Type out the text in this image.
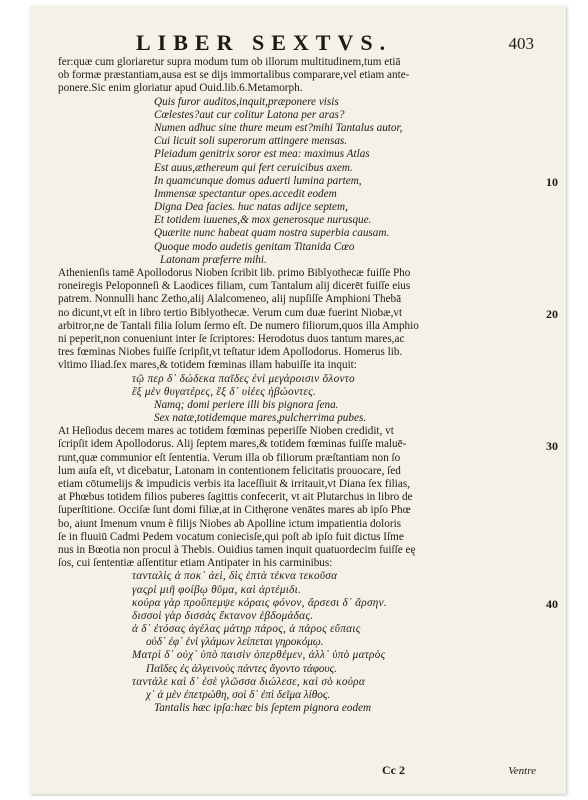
LIBER SEXTVS.	403
fer:quæ cum gloriaretur supra modum tum ob illorum multitudinem,tum etiā
ob formæ præstantiam,ausa est se dijs immortalibus comparare,vel etiam ante-
ponere.Sic enim gloriatur apud Ouid.lib.6.Metamorph.
Quis furor auditos,inquit,præponere visis
Cœlestes?aut cur colitur Latona per aras?
Numen adhuc sine thure meum est?mihi Tantalus autor,
Cui licuit soli superorum attingere mensas.
Pleiadum genitrix soror est mea: maximus Atlas
Est auus,æthereum qui fert ceruicibus axem.
In quamcunque domus aduerti lumina partem,
Immensæ spectantur opes.accedit eodem
Digna Dea facies. huc natas adijce septem,
Et totidem iuuenes,& mox generosque nurusque.
Quærite nunc habeat quam nostra superbia causam.
Quoque modo audetis genitam Titanida Cœo
Latonam præferre mihi.
Athenienſis tamē Apollodorus Nioben ſcribit lib. primo Biblyothecæ fuiſſe Pho
roneiregis Peloponneſi & Laodices filiam, cum Tantalum alij dicerēt fuiſſe eius
patrem. Nonnulli hanc Zetho,alij Alalcomeneo, alij nupſiſſe Amphioni Thebā
no dicunt,vt eſt in libro tertio Biblyothecæ. Verum cum duæ fuerint Niobæ,vt
arbitror,ne de Tantali filia ſolum ſermo eſt. De numero filiorum,quos illa Amphio
ni peperit,non conueniunt inter ſe ſcriptores: Herodotus duos tantum mares,ac
tres fœminas Niobes fuiſſe ſcripſit,vt teſtatur idem Apollodorus. Homerus lib.
vltimo Iliad.ſex mares,& totidem fœminas illam habuiſſe ita inquit:
τῷ περ δ᾽ δώδεκα παῖδες ἐνὶ μεγάροισιν ὄλοντο
ἓξ μὲν θυγατέρες, ἓξ δ᾽ υἱέες ἡβώοντες.
Namq; domi periere illi bis pignora ſena.
Sex natæ,totidemque mares,pulcherrima pubes.
At Heſiodus decem mares ac totidem fœminas peperiſſe Nioben credidit, vt
ſcripſit idem Apollodorus. Alij ſeptem mares,& totidem fœminas fuiſſe maluē-
runt,quæ communior eſt ſententia. Verum illa ob filiorum præſtantiam non ſo
lum auſa eſt, vt dicebatur, Latonam in contentionem felicitatis prouocare, ſed
etiam cōtumelijs & impudicis verbis ita laceſſiuit & irritauit,vt Diana ſex filias,
at Phœbus totidem filios puberes ſagittis confecerit, vt ait Plutarchus in libro de
ſuperſtitione. Occiſæ ſunt domi filiæ,at in Cithęrone venātes mares ab ipſo Phœ
bo, aiunt Imenum vnum è filijs Niobes ab Apolline ictum impatientia doloris
ſe in fluuiū Cadmi Pedem vocatum coniecisſe,qui poſt ab ipſo fuit dictus Iſme
nus in Bœotia non procul à Thebis. Ouidius tamen inquit quatuordecim fuiſſe eę
ſos, cui ſententiæ aſſentitur etiam Antipater in his carminibus:
τανταλὶς ἁ ποκ᾽ ἀεὶ, δὶς ἑπτὰ τέκνα τεκοῦσα
γαςρὶ μιῆ φοίβῳ θῦμα, καὶ ἀρτέμιδι.
κούρα γὰρ προὔπεμψε κόραις φόνον, ἄρσεσι δ᾽ ἄρσην.
δισσοὶ γὰρ δισσὰς ἔκτανον ἑβδομάδας.
ἁ δ᾽ ἐτόσας ἀγέλας μάτηρ πάρος, ἁ πάρος εὔπαις
οὐδ᾽ ἐφ᾽ ἑνὶ γλάμων λείπεται γηροκόμῳ.
Ματρὶ δ᾽ οὐχ᾽ ὑπὸ παισὶν ὀπερθέμεν, ἀλλ᾽ ὑπὸ ματρὸς
Παῖδες ἐς ἀλγεινοὺς πάντες ἄγοντο τάφους.
ταντάλε καὶ δ᾽ ἐσὲ γλῶσσα διώλεσε, καὶ σὸ κούρα
χ᾽ ἁ μὲν ἐπετρώθη, σοὶ δ᾽ ἐπὶ δεῖμα λίθος.
Tantalis hæc ipſa:hæc bis ſeptem pignora eodem
10
20
30
40
Cc 2	Ventre
